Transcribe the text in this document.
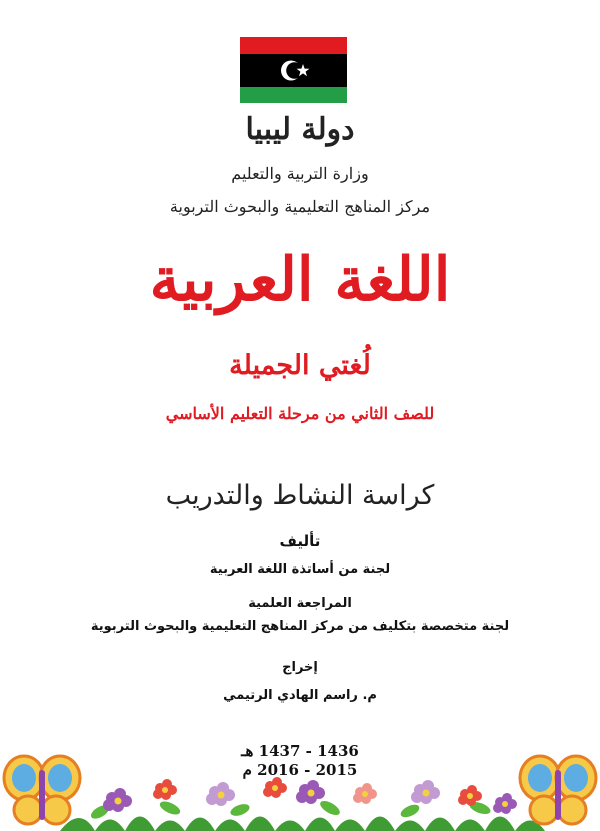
دولة ليبيا
وزارة التربية والتعليم
مركز المناهج التعليمية والبحوث التربوية
اللغة العربية
لُغتي الجميلة
للصف الثاني من مرحلة التعليم الأساسي
كراسة النشاط والتدريب
تأليف
لجنة من أساتذة اللغة العربية
المراجعة العلمية
لجنة متخصصة بتكليف من مركز المناهج التعليمية والبحوث التربوية
إخراج
م. راسم الهادي الرتيمي
1436 - 1437 هـ
2015 - 2016 م
